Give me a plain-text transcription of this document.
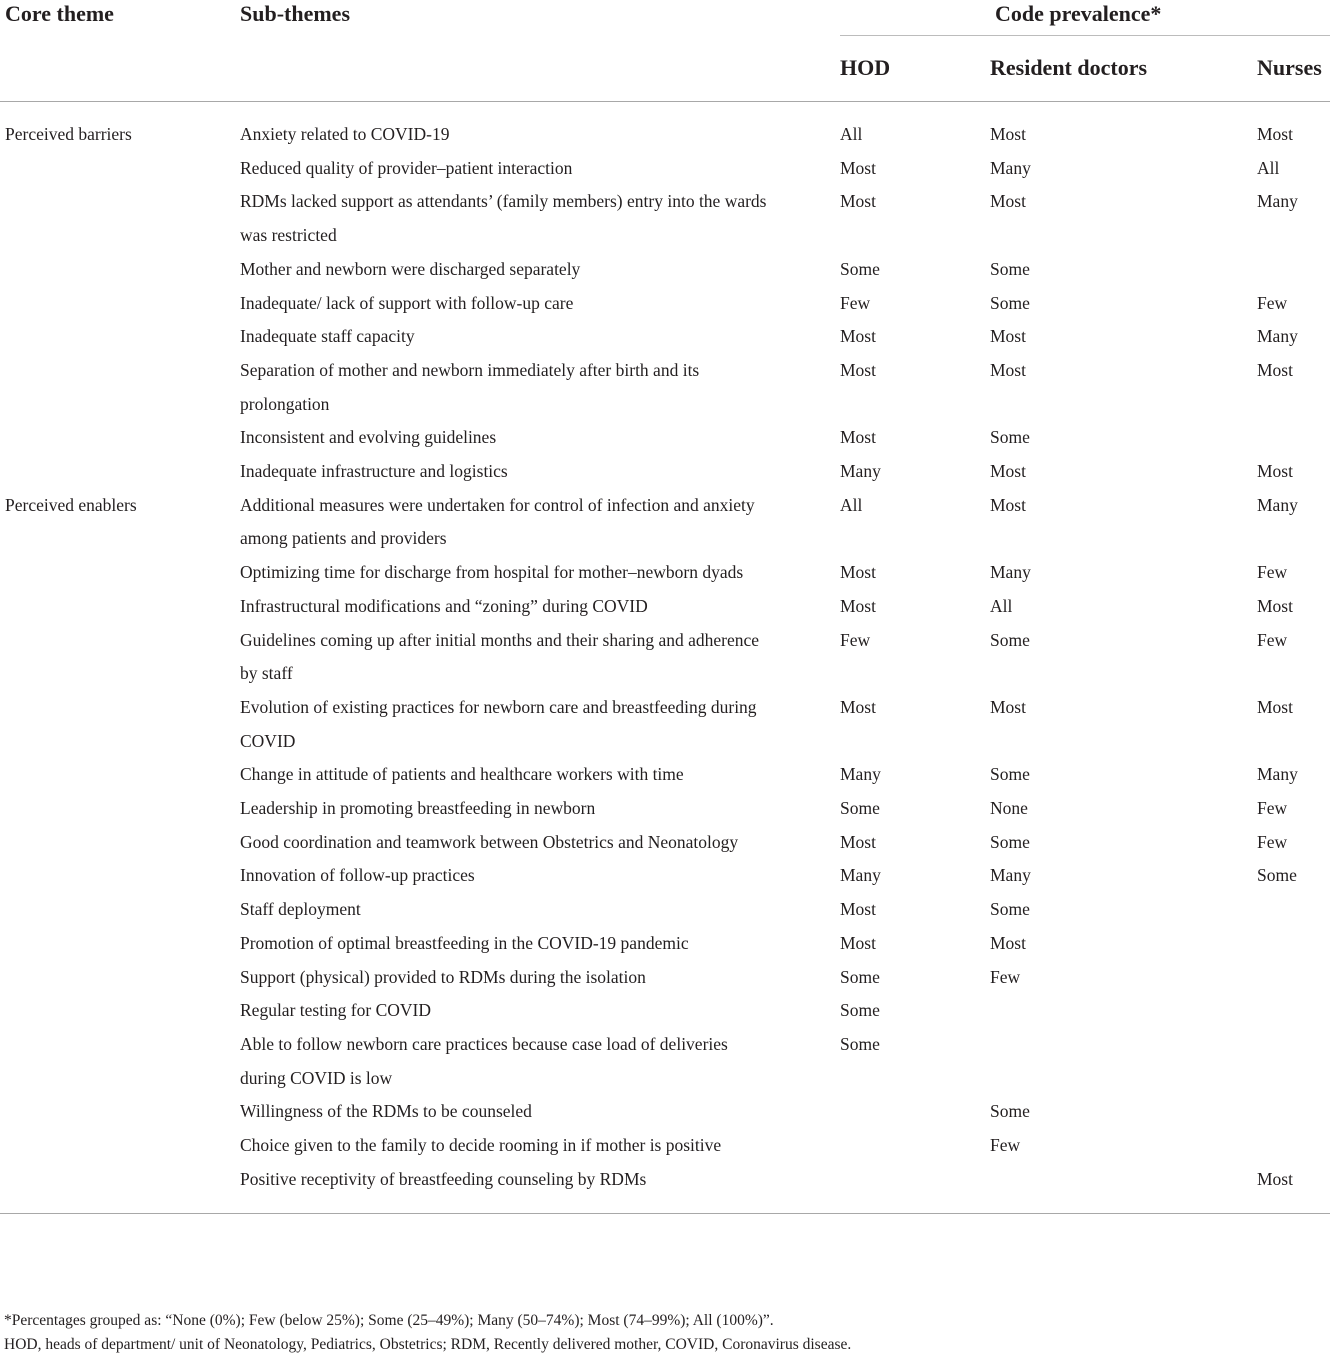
Core theme	Sub-themes	Code prevalence*		
		HOD	Resident doctors	Nurses
Perceived barriers	Anxiety related to COVID-19	All	Most	Most
	Reduced quality of provider–patient interaction	Most	Many	All
	RDMs lacked support as attendants’ (family members) entry into the wards was restricted	Most	Most	Many
	Mother and newborn were discharged separately	Some	Some	
	Inadequate/ lack of support with follow-up care	Few	Some	Few
	Inadequate staff capacity	Most	Most	Many
	Separation of mother and newborn immediately after birth and its prolongation	Most	Most	Most
	Inconsistent and evolving guidelines	Most	Some	
	Inadequate infrastructure and logistics	Many	Most	Most
Perceived enablers	Additional measures were undertaken for control of infection and anxiety among patients and providers	All	Most	Many
	Optimizing time for discharge from hospital for mother–newborn dyads	Most	Many	Few
	Infrastructural modifications and “zoning” during COVID	Most	All	Most
	Guidelines coming up after initial months and their sharing and adherence by staff	Few	Some	Few
	Evolution of existing practices for newborn care and breastfeeding during COVID	Most	Most	Most
	Change in attitude of patients and healthcare workers with time	Many	Some	Many
	Leadership in promoting breastfeeding in newborn	Some	None	Few
	Good coordination and teamwork between Obstetrics and Neonatology	Most	Some	Few
	Innovation of follow-up practices	Many	Many	Some
	Staff deployment	Most	Some	
	Promotion of optimal breastfeeding in the COVID-19 pandemic	Most	Most	
	Support (physical) provided to RDMs during the isolation	Some	Few	
	Regular testing for COVID	Some		
	Able to follow newborn care practices because case load of deliveries during COVID is low	Some		
	Willingness of the RDMs to be counseled		Some	
	Choice given to the family to decide rooming in if mother is positive		Few	
	Positive receptivity of breastfeeding counseling by RDMs			Most
*Percentages grouped as: “None (0%); Few (below 25%); Some (25–49%); Many (50–74%); Most (74–99%); All (100%)”.
HOD, heads of department/ unit of Neonatology, Pediatrics, Obstetrics; RDM, Recently delivered mother, COVID, Coronavirus disease.
